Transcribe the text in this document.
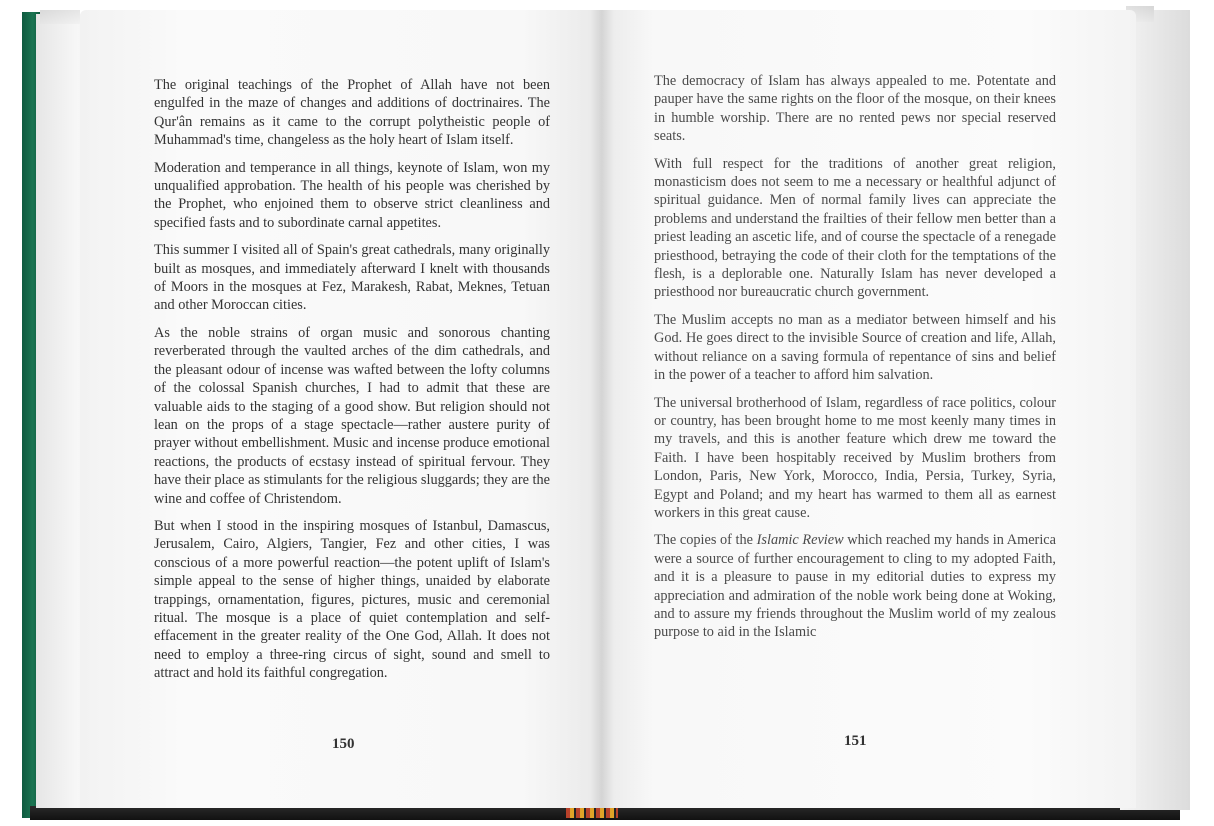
The original teachings of the Prophet of Allah have not been engulfed in the maze of changes and additions of doctrinaires. The Qur'ân remains as it came to the corrupt polytheistic people of Muhammad's time, changeless as the holy heart of Islam itself.

Moderation and temperance in all things, keynote of Islam, won my unqualified approbation. The health of his people was cherished by the Prophet, who enjoined them to observe strict cleanliness and specified fasts and to subordinate carnal appetites.

This summer I visited all of Spain's great cathedrals, many originally built as mosques, and immediately afterward I knelt with thousands of Moors in the mosques at Fez, Marakesh, Rabat, Meknes, Tetuan and other Moroccan cities.

As the noble strains of organ music and sonorous chanting reverberated through the vaulted arches of the dim cathedrals, and the pleasant odour of incense was wafted between the lofty columns of the colossal Spanish churches, I had to admit that these are valuable aids to the staging of a good show. But religion should not lean on the props of a stage spectacle—rather austere purity of prayer without embellishment. Music and incense produce emotional reactions, the products of ecstasy instead of spiritual fervour. They have their place as stimulants for the religious sluggards; they are the wine and coffee of Christendom.

But when I stood in the inspiring mosques of Istanbul, Damascus, Jerusalem, Cairo, Algiers, Tangier, Fez and other cities, I was conscious of a more powerful reaction—the potent uplift of Islam's simple appeal to the sense of higher things, unaided by elaborate trappings, ornamentation, figures, pictures, music and ceremonial ritual. The mosque is a place of quiet contemplation and self-effacement in the greater reality of the One God, Allah. It does not need to employ a three-ring circus of sight, sound and smell to attract and hold its faithful congregation.

150

The democracy of Islam has always appealed to me. Potentate and pauper have the same rights on the floor of the mosque, on their knees in humble worship. There are no rented pews nor special reserved seats.

With full respect for the traditions of another great religion, monasticism does not seem to me a necessary or healthful adjunct of spiritual guidance. Men of normal family lives can appreciate the problems and understand the frailties of their fellow men better than a priest leading an ascetic life, and of course the spectacle of a renegade priesthood, betraying the code of their cloth for the temptations of the flesh, is a deplorable one. Naturally Islam has never developed a priesthood nor bureaucratic church government.

The Muslim accepts no man as a mediator between himself and his God. He goes direct to the invisible Source of creation and life, Allah, without reliance on a saving formula of repentance of sins and belief in the power of a teacher to afford him salvation.

The universal brotherhood of Islam, regardless of race politics, colour or country, has been brought home to me most keenly many times in my travels, and this is another feature which drew me toward the Faith. I have been hospitably received by Muslim brothers from London, Paris, New York, Morocco, India, Persia, Turkey, Syria, Egypt and Poland; and my heart has warmed to them all as earnest workers in this great cause.

The copies of the Islamic Review which reached my hands in America were a source of further encouragement to cling to my adopted Faith, and it is a pleasure to pause in my editorial duties to express my appreciation and admiration of the noble work being done at Woking, and to assure my friends throughout the Muslim world of my zealous purpose to aid in the Islamic

151
